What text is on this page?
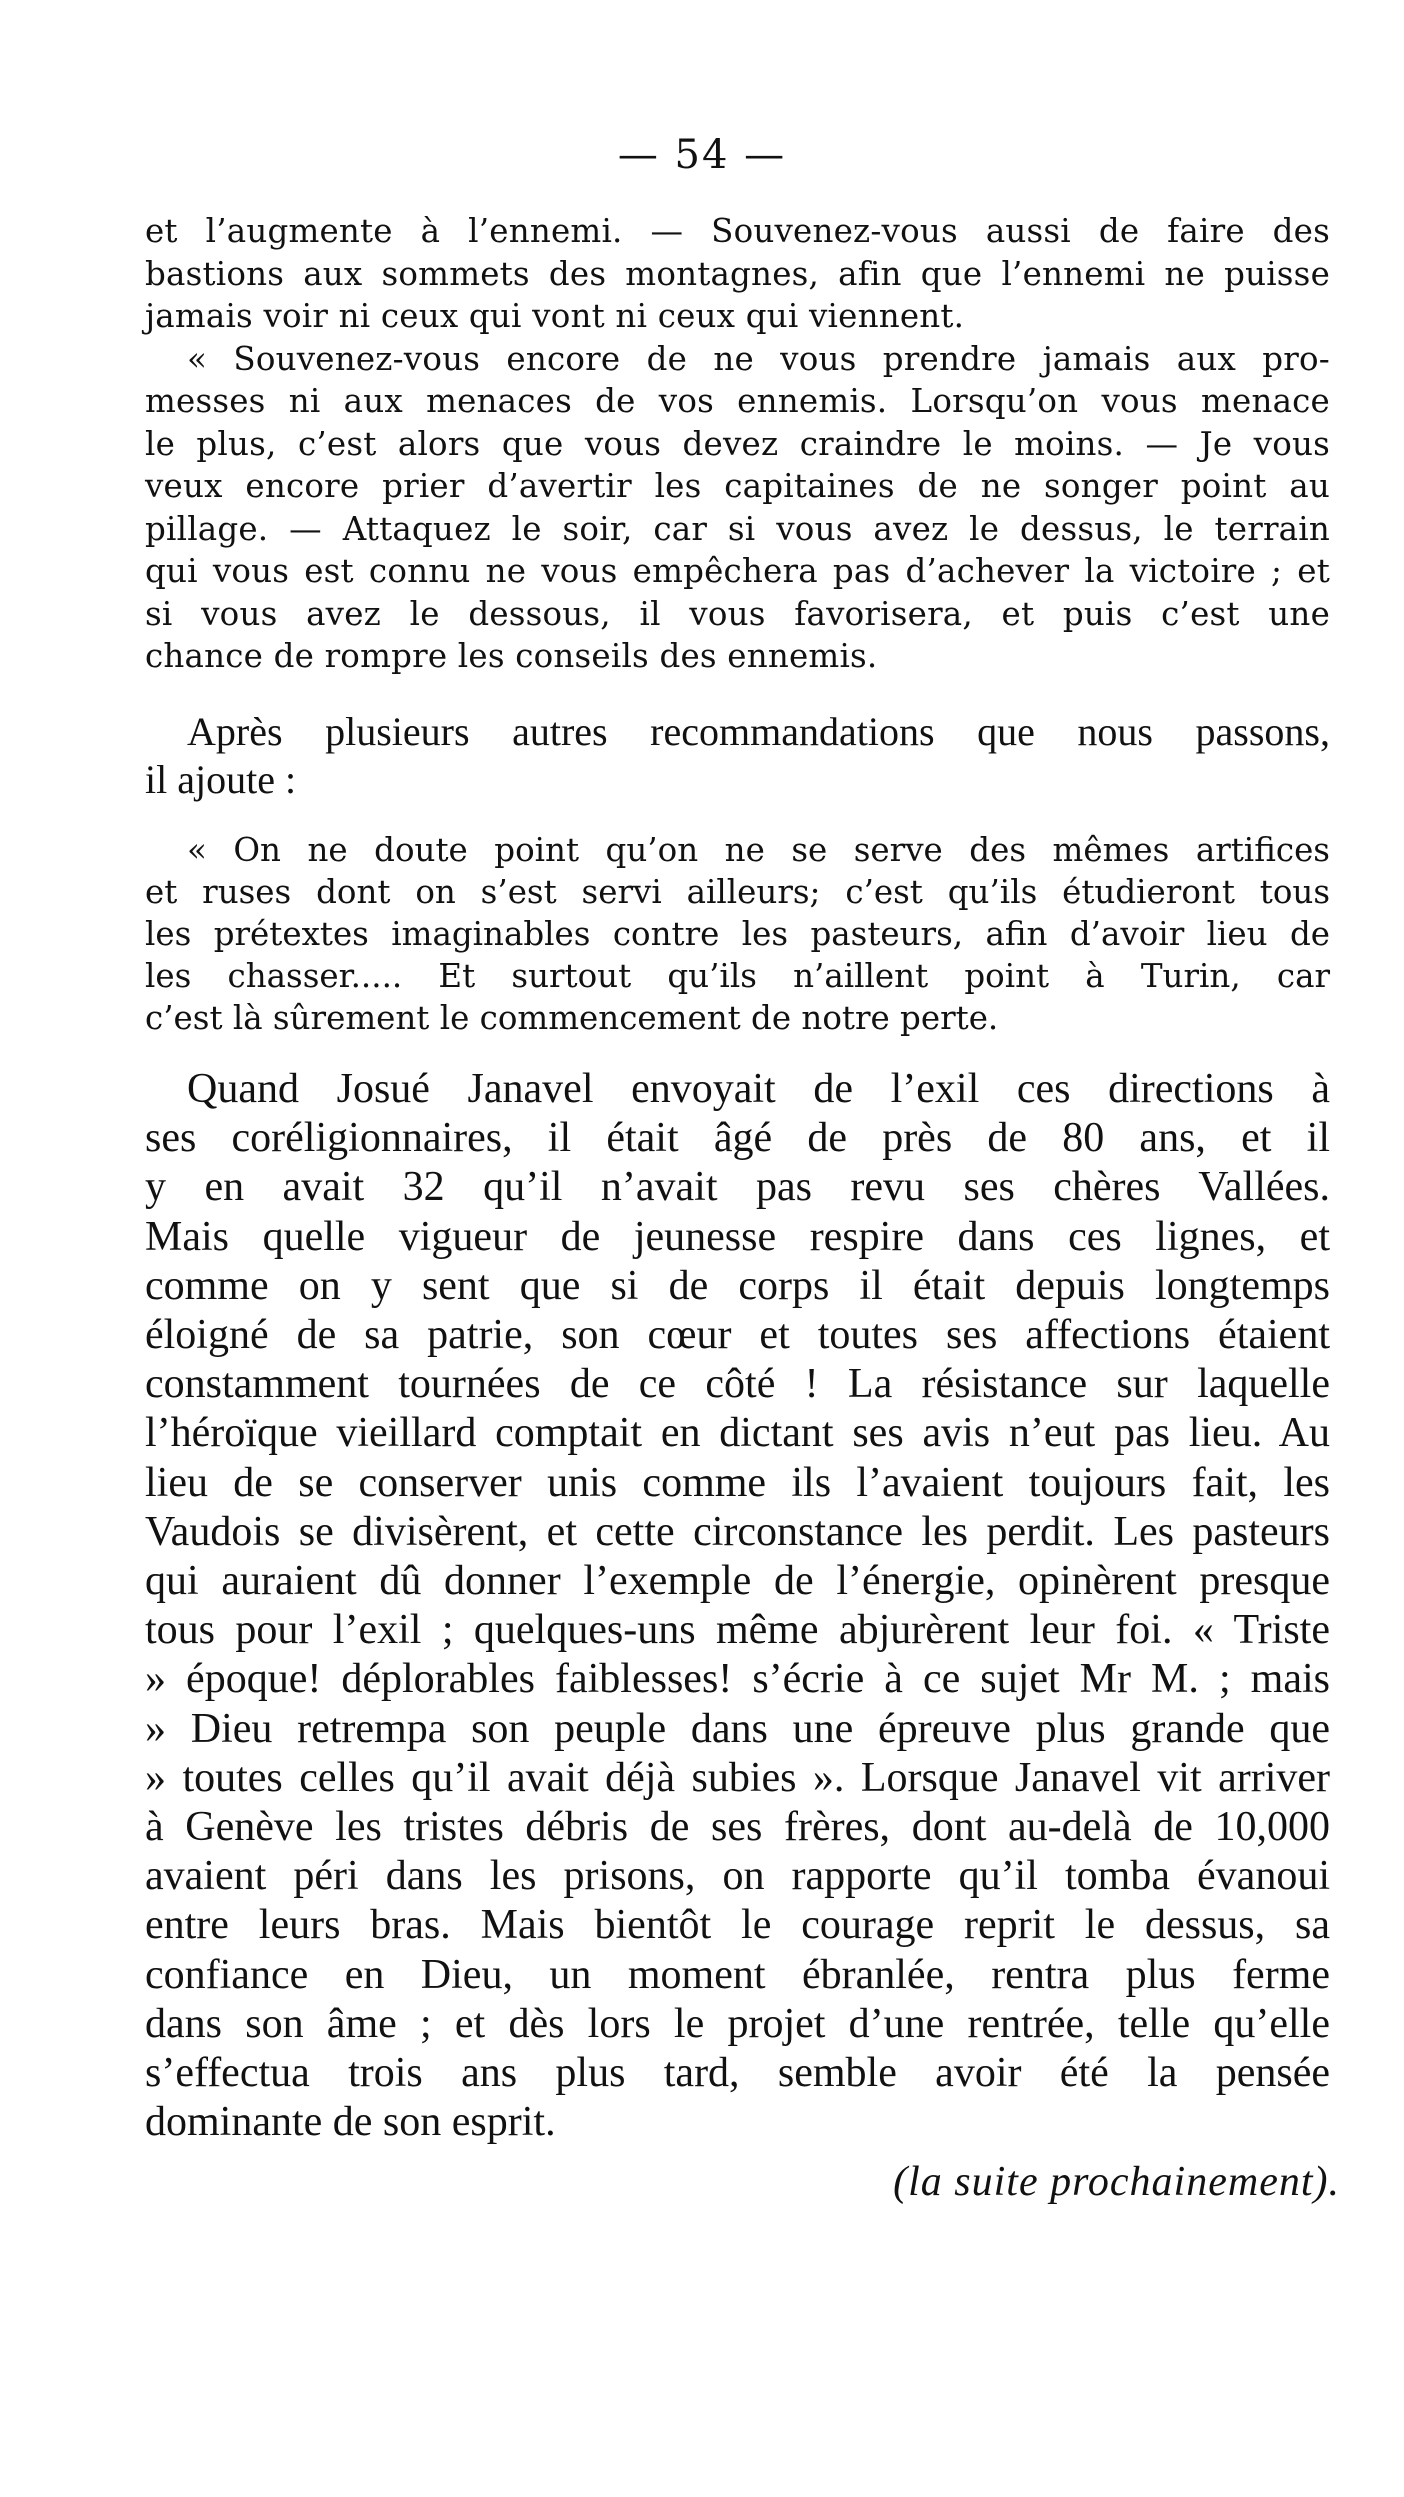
— 54 —
et l’augmente à l’ennemi. — Souvenez-vous aussi de faire des
bastions aux sommets des montagnes, afin que l’ennemi ne puisse
jamais voir ni ceux qui vont ni ceux qui viennent.
« Souvenez-vous encore de ne vous prendre jamais aux pro-
messes ni aux menaces de vos ennemis. Lorsqu’on vous menace
le plus, c’est alors que vous devez craindre le moins. — Je vous
veux encore prier d’avertir les capitaines de ne songer point au
pillage. — Attaquez le soir, car si vous avez le dessus, le terrain
qui vous est connu ne vous empêchera pas d’achever la victoire ; et
si vous avez le dessous, il vous favorisera, et puis c’est une
chance de rompre les conseils des ennemis.
Après plusieurs autres recommandations que nous passons,
il ajoute :
« On ne doute point qu’on ne se serve des mêmes artifices
et ruses dont on s’est servi ailleurs; c’est qu’ils étudieront tous
les prétextes imaginables contre les pasteurs, afin d’avoir lieu de
les chasser..... Et surtout qu’ils n’aillent point à Turin, car
c’est là sûrement le commencement de notre perte.
Quand Josué Janavel envoyait de l’exil ces directions à
ses coréligionnaires, il était âgé de près de 80 ans, et il
y en avait 32 qu’il n’avait pas revu ses chères Vallées.
Mais quelle vigueur de jeunesse respire dans ces lignes, et
comme on y sent que si de corps il était depuis longtemps
éloigné de sa patrie, son cœur et toutes ses affections étaient
constamment tournées de ce côté ! La résistance sur laquelle
l’héroïque vieillard comptait en dictant ses avis n’eut pas lieu. Au
lieu de se conserver unis comme ils l’avaient toujours fait, les
Vaudois se divisèrent, et cette circonstance les perdit. Les pasteurs
qui auraient dû donner l’exemple de l’énergie, opinèrent presque
tous pour l’exil ; quelques-uns même abjurèrent leur foi. « Triste
» époque! déplorables faiblesses! s’écrie à ce sujet Mr M. ; mais
» Dieu retrempa son peuple dans une épreuve plus grande que
» toutes celles qu’il avait déjà subies ». Lorsque Janavel vit arriver
à Genève les tristes débris de ses frères, dont au-delà de 10,000
avaient péri dans les prisons, on rapporte qu’il tomba évanoui
entre leurs bras. Mais bientôt le courage reprit le dessus, sa
confiance en Dieu, un moment ébranlée, rentra plus ferme
dans son âme ; et dès lors le projet d’une rentrée, telle qu’elle
s’effectua trois ans plus tard, semble avoir été la pensée
dominante de son esprit.
(la suite prochainement).
